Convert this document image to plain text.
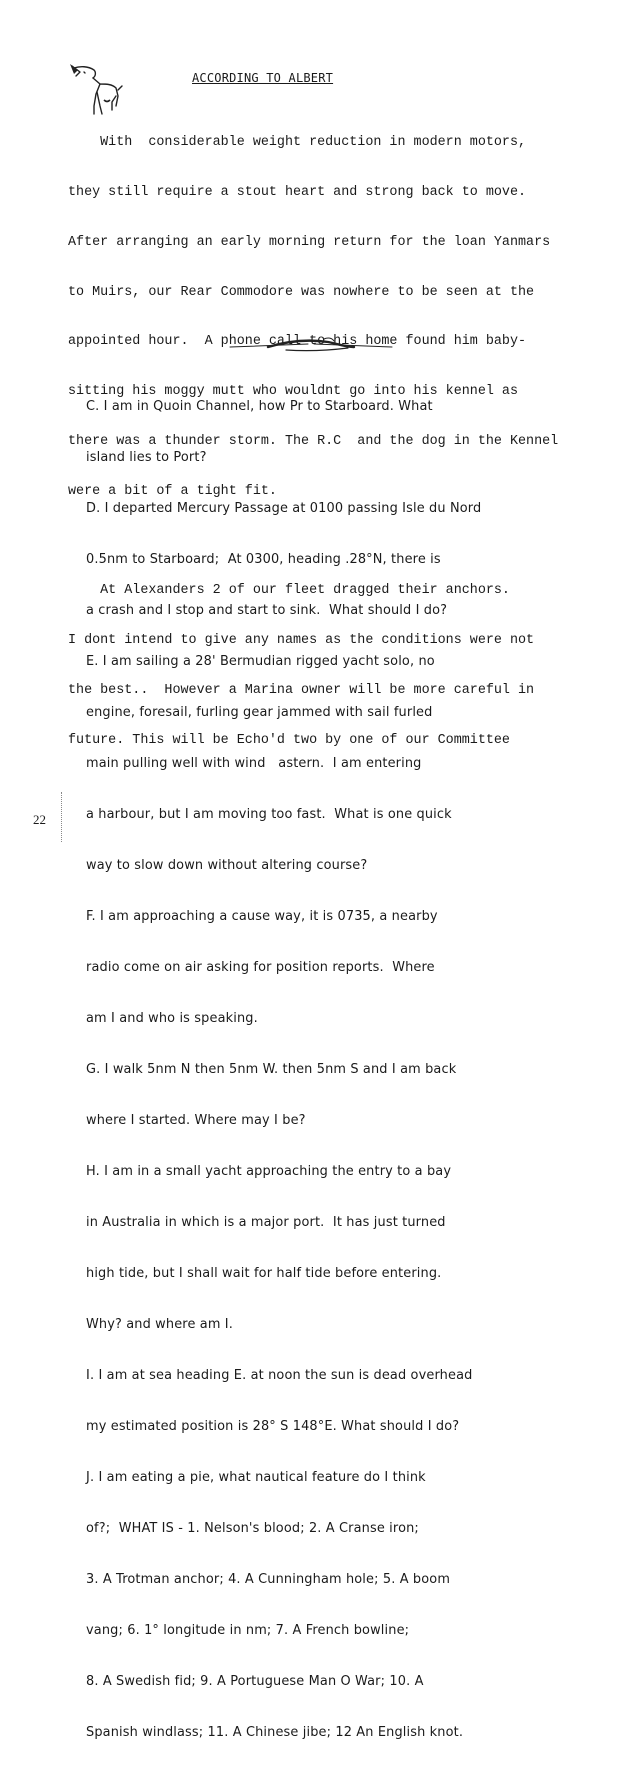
ACCORDING TO ALBERT

With  considerable weight reduction in modern motors,

they still require a stout heart and strong back to move.

After arranging an early morning return for the loan Yanmars

to Muirs, our Rear Commodore was nowhere to be seen at the

appointed hour.  A phone call to his home found him baby-

sitting his moggy mutt who wouldnt go into his kennel as

there was a thunder storm. The R.C  and the dog in the Kennel

were a bit of a tight fit.

At Alexanders 2 of our fleet dragged their anchors.

I dont intend to give any names as the conditions were not

the best..  However a Marina owner will be more careful in

future. This will be Echo'd two by one of our Committee

C. I am in Quoin Channel, how Pr to Starboard. What

island lies to Port?

D. I departed Mercury Passage at 0100 passing Isle du Nord

0.5nm to Starboard;  At 0300, heading .28°N, there is

a crash and I stop and start to sink.  What should I do?

E. I am sailing a 28' Bermudian rigged yacht solo, no

engine, foresail, furling gear jammed with sail furled

main pulling well with wind   astern.  I am entering

a harbour, but I am moving too fast.  What is one quick

way to slow down without altering course?

F. I am approaching a cause way, it is 0735, a nearby

radio come on air asking for position reports.  Where

am I and who is speaking.

G. I walk 5nm N then 5nm W. then 5nm S and I am back

where I started. Where may I be?

H. I am in a small yacht approaching the entry to a bay

in Australia in which is a major port.  It has just turned

high tide, but I shall wait for half tide before entering.

Why? and where am I.

I. I am at sea heading E. at noon the sun is dead overhead

my estimated position is 28° S 148°E. What should I do?

J. I am eating a pie, what nautical feature do I think

of?;  WHAT IS - 1. Nelson's blood; 2. A Cranse iron;

3. A Trotman anchor; 4. A Cunningham hole; 5. A boom

vang; 6. 1° longitude in nm; 7. A French bowline;

8. A Swedish fid; 9. A Portuguese Man O War; 10. A

Spanish windlass; 11. A Chinese jibe; 12 An English knot.

22
